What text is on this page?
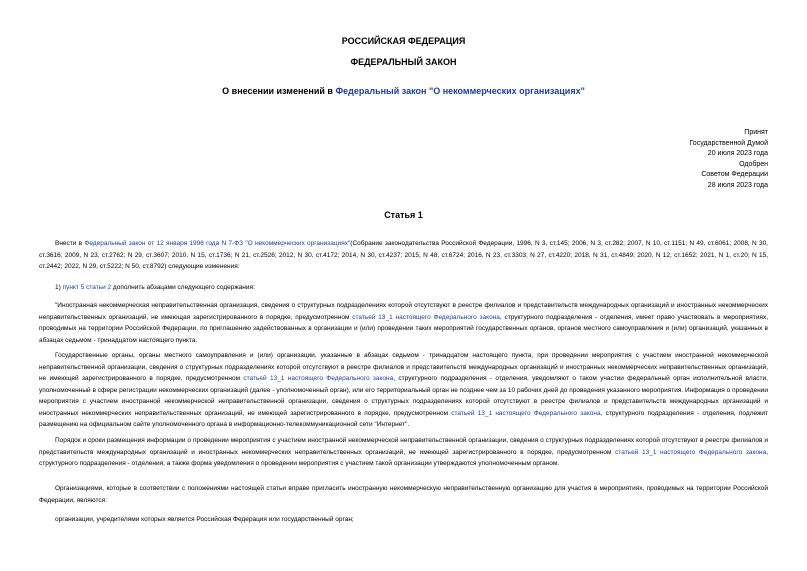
РОССИЙСКАЯ ФЕДЕРАЦИЯ
ФЕДЕРАЛЬНЫЙ ЗАКОН
О внесении изменений в Федеральный закон "О некоммерческих организациях"
Принят
Государственной Думой
20 июля 2023 года
Одобрен
Советом Федерации
28 июля 2023 года
Статья 1

Внести в Федеральный закон от 12 января 1996 года N 7-ФЗ "О некоммерческих организациях"(Собрание законодательства Российской Федерации, 1996, N 3, ст.145; 2006, N 3, ст.282; 2007, N 10, ст.1151; N 49, ст.6061; 2008, N 30, ст.3616; 2009, N 23, ст.2762; N 29, ст.3607; 2010, N 15, ст.1736; N 21, ст.2526; 2012, N 30, ст.4172; 2014, N 30, ст.4237; 2015, N 48, ст.6724; 2016, N 23, ст.3303; N 27, ст.4220; 2018, N 31, ст.4849; 2020, N 12, ст.1652; 2021, N 1, ст.20; N 15, ст.2442; 2022, N 29, ст.5222; N 50, ст.8792) следующие изменения:

1) пункт 5 статьи 2 дополнить абзацами следующего содержания:

"Иностранная некоммерческая неправительственная организация, сведения о структурных подразделениях которой отсутствуют в реестре филиалов и представительств международных организаций и иностранных некоммерческих неправительственных организаций, не имеющая зарегистрированного в порядке, предусмотренном статьей 13_1 настоящего Федерального закона, структурного подразделения - отделения, имеет право участвовать в мероприятиях, проводимых на территории Российской Федерации, по приглашению задействованных в организации и (или) проведении таких мероприятий государственных органов, органов местного самоуправления и (или) организаций, указанных в абзацах седьмом - тринадцатом настоящего пункта.

Государственные органы, органы местного самоуправления и (или) организации, указанные в абзацах седьмом - тринадцатом настоящего пункта, при проведении мероприятия с участием иностранной некоммерческой неправительственной организации, сведения о структурных подразделениях которой отсутствуют в реестре филиалов и представительств международных организаций и иностранных некоммерческих неправительственных организаций, не имеющей зарегистрированного в порядке, предусмотренном статьей 13_1 настоящего Федерального закона, структурного подразделения - отделения, уведомляют о таком участии федеральный орган исполнительной власти, уполномоченный в сфере регистрации некоммерческих организаций (далее - уполномоченный орган), или его территориальный орган не позднее чем за 10 рабочих дней до проведения указанного мероприятия. Информация о проведении мероприятия с участием иностранной некоммерческой неправительственной организации, сведения о структурных подразделениях которой отсутствуют в реестре филиалов и представительств международных организаций и иностранных некоммерческих неправительственных организаций, не имеющей зарегистрированного в порядке, предусмотренном статьей 13_1 настоящего Федерального закона, структурного подразделения - отделения, подлежит размещению на официальном сайте уполномоченного органа в информационно-телекоммуникационной сети "Интернет".

Порядок и сроки размещения информации о проведении мероприятия с участием иностранной некоммерческой неправительственной организации, сведения о структурных подразделениях которой отсутствуют в реестре филиалов и представительств международных организаций и иностранных некоммерческих неправительственных организаций, не имеющей зарегистрированного в порядке, предусмотренном статьей 13_1 настоящего Федерального закона, структурного подразделения - отделения, а также форма уведомления о проведении мероприятия с участием такой организации утверждаются уполномоченным органом.

Организациями, которые в соответствии с положениями настоящей статьи вправе пригласить иностранную некоммерческую неправительственную организацию для участия в мероприятиях, проводимых на территории Российской Федерации, являются:

организации, учредителями которых является Российская Федерация или государственный орган;
